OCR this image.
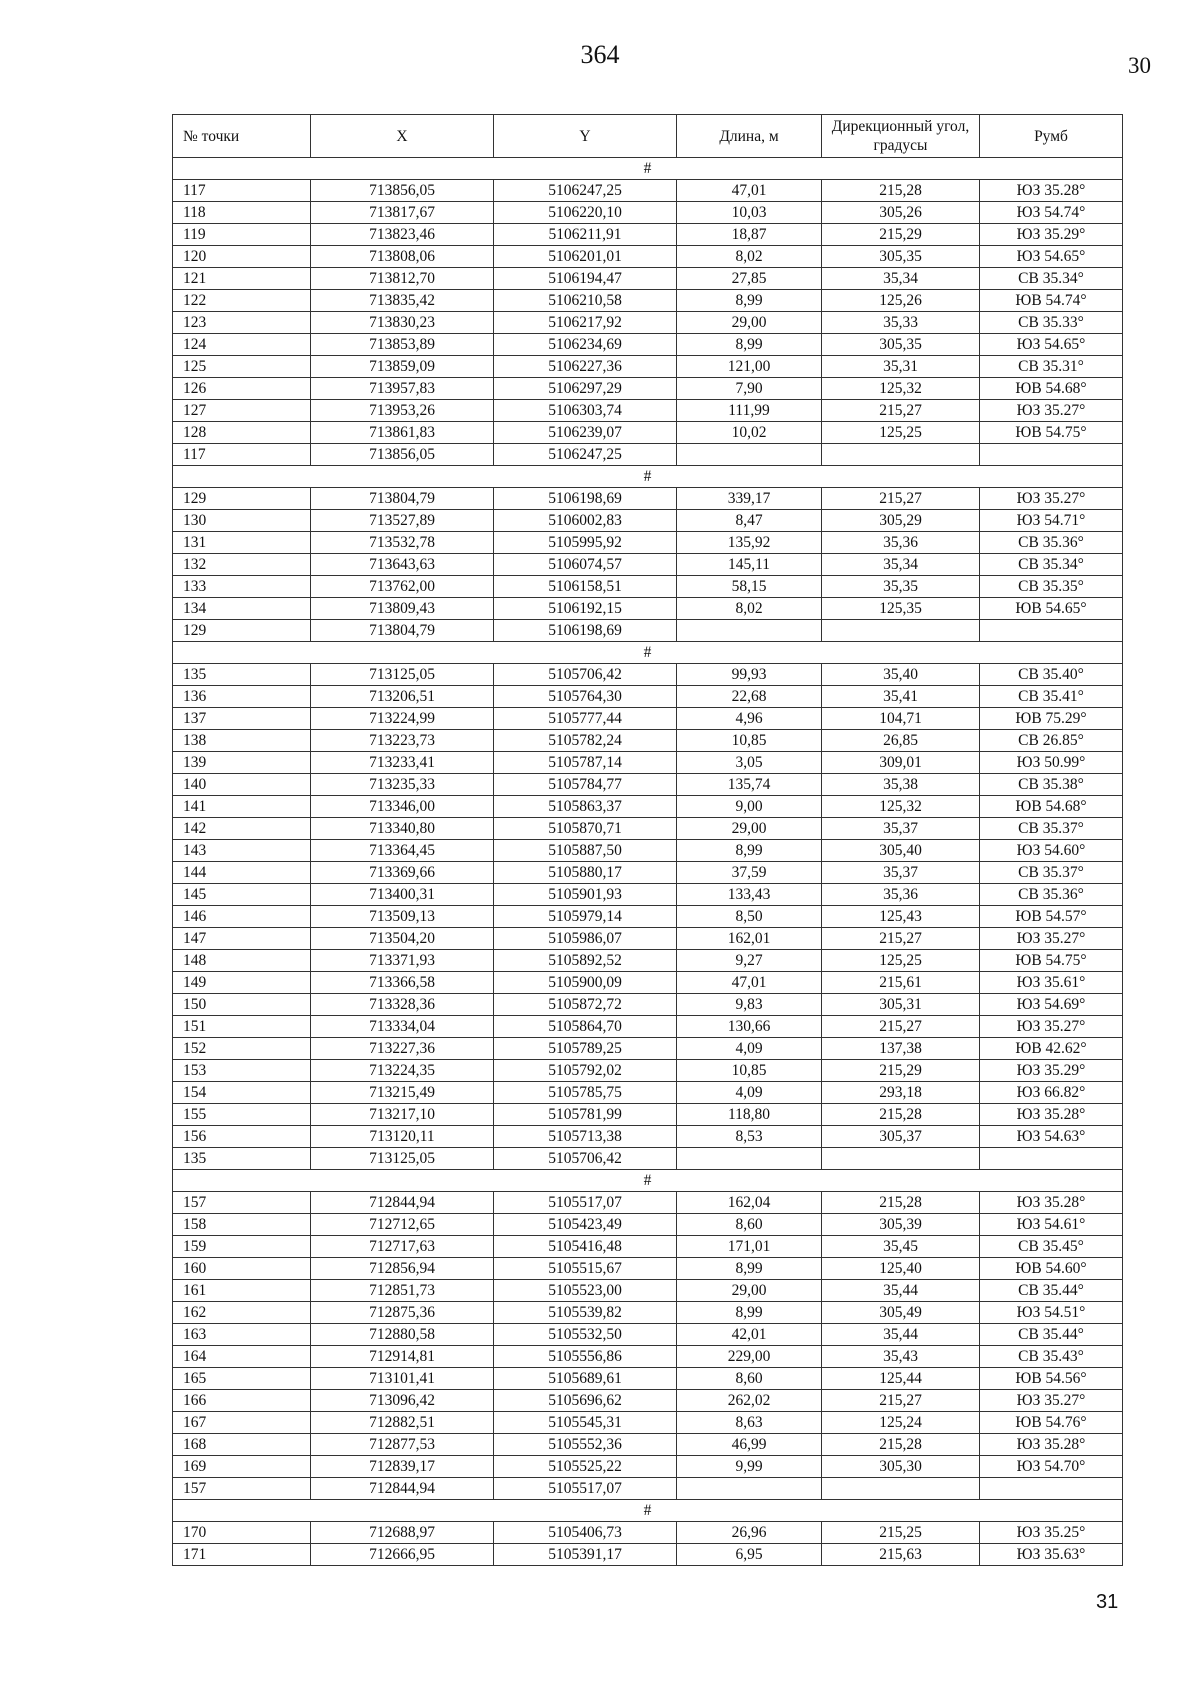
364	30
№ точки	X	Y	Длина, м	Дирекционный угол, градусы	Румб
#					
117	713856,05	5106247,25	47,01	215,28	ЮЗ 35.28°
118	713817,67	5106220,10	10,03	305,26	ЮЗ 54.74°
119	713823,46	5106211,91	18,87	215,29	ЮЗ 35.29°
120	713808,06	5106201,01	8,02	305,35	ЮЗ 54.65°
121	713812,70	5106194,47	27,85	35,34	СВ 35.34°
122	713835,42	5106210,58	8,99	125,26	ЮВ 54.74°
123	713830,23	5106217,92	29,00	35,33	СВ 35.33°
124	713853,89	5106234,69	8,99	305,35	ЮЗ 54.65°
125	713859,09	5106227,36	121,00	35,31	СВ 35.31°
126	713957,83	5106297,29	7,90	125,32	ЮВ 54.68°
127	713953,26	5106303,74	111,99	215,27	ЮЗ 35.27°
128	713861,83	5106239,07	10,02	125,25	ЮВ 54.75°
117	713856,05	5106247,25			
#					
129	713804,79	5106198,69	339,17	215,27	ЮЗ 35.27°
130	713527,89	5106002,83	8,47	305,29	ЮЗ 54.71°
131	713532,78	5105995,92	135,92	35,36	СВ 35.36°
132	713643,63	5106074,57	145,11	35,34	СВ 35.34°
133	713762,00	5106158,51	58,15	35,35	СВ 35.35°
134	713809,43	5106192,15	8,02	125,35	ЮВ 54.65°
129	713804,79	5106198,69			
#					
135	713125,05	5105706,42	99,93	35,40	СВ 35.40°
136	713206,51	5105764,30	22,68	35,41	СВ 35.41°
137	713224,99	5105777,44	4,96	104,71	ЮВ 75.29°
138	713223,73	5105782,24	10,85	26,85	СВ 26.85°
139	713233,41	5105787,14	3,05	309,01	ЮЗ 50.99°
140	713235,33	5105784,77	135,74	35,38	СВ 35.38°
141	713346,00	5105863,37	9,00	125,32	ЮВ 54.68°
142	713340,80	5105870,71	29,00	35,37	СВ 35.37°
143	713364,45	5105887,50	8,99	305,40	ЮЗ 54.60°
144	713369,66	5105880,17	37,59	35,37	СВ 35.37°
145	713400,31	5105901,93	133,43	35,36	СВ 35.36°
146	713509,13	5105979,14	8,50	125,43	ЮВ 54.57°
147	713504,20	5105986,07	162,01	215,27	ЮЗ 35.27°
148	713371,93	5105892,52	9,27	125,25	ЮВ 54.75°
149	713366,58	5105900,09	47,01	215,61	ЮЗ 35.61°
150	713328,36	5105872,72	9,83	305,31	ЮЗ 54.69°
151	713334,04	5105864,70	130,66	215,27	ЮЗ 35.27°
152	713227,36	5105789,25	4,09	137,38	ЮВ 42.62°
153	713224,35	5105792,02	10,85	215,29	ЮЗ 35.29°
154	713215,49	5105785,75	4,09	293,18	ЮЗ 66.82°
155	713217,10	5105781,99	118,80	215,28	ЮЗ 35.28°
156	713120,11	5105713,38	8,53	305,37	ЮЗ 54.63°
135	713125,05	5105706,42			
#					
157	712844,94	5105517,07	162,04	215,28	ЮЗ 35.28°
158	712712,65	5105423,49	8,60	305,39	ЮЗ 54.61°
159	712717,63	5105416,48	171,01	35,45	СВ 35.45°
160	712856,94	5105515,67	8,99	125,40	ЮВ 54.60°
161	712851,73	5105523,00	29,00	35,44	СВ 35.44°
162	712875,36	5105539,82	8,99	305,49	ЮЗ 54.51°
163	712880,58	5105532,50	42,01	35,44	СВ 35.44°
164	712914,81	5105556,86	229,00	35,43	СВ 35.43°
165	713101,41	5105689,61	8,60	125,44	ЮВ 54.56°
166	713096,42	5105696,62	262,02	215,27	ЮЗ 35.27°
167	712882,51	5105545,31	8,63	125,24	ЮВ 54.76°
168	712877,53	5105552,36	46,99	215,28	ЮЗ 35.28°
169	712839,17	5105525,22	9,99	305,30	ЮЗ 54.70°
157	712844,94	5105517,07			
#					
170	712688,97	5105406,73	26,96	215,25	ЮЗ 35.25°
171	712666,95	5105391,17	6,95	215,63	ЮЗ 35.63°
31
